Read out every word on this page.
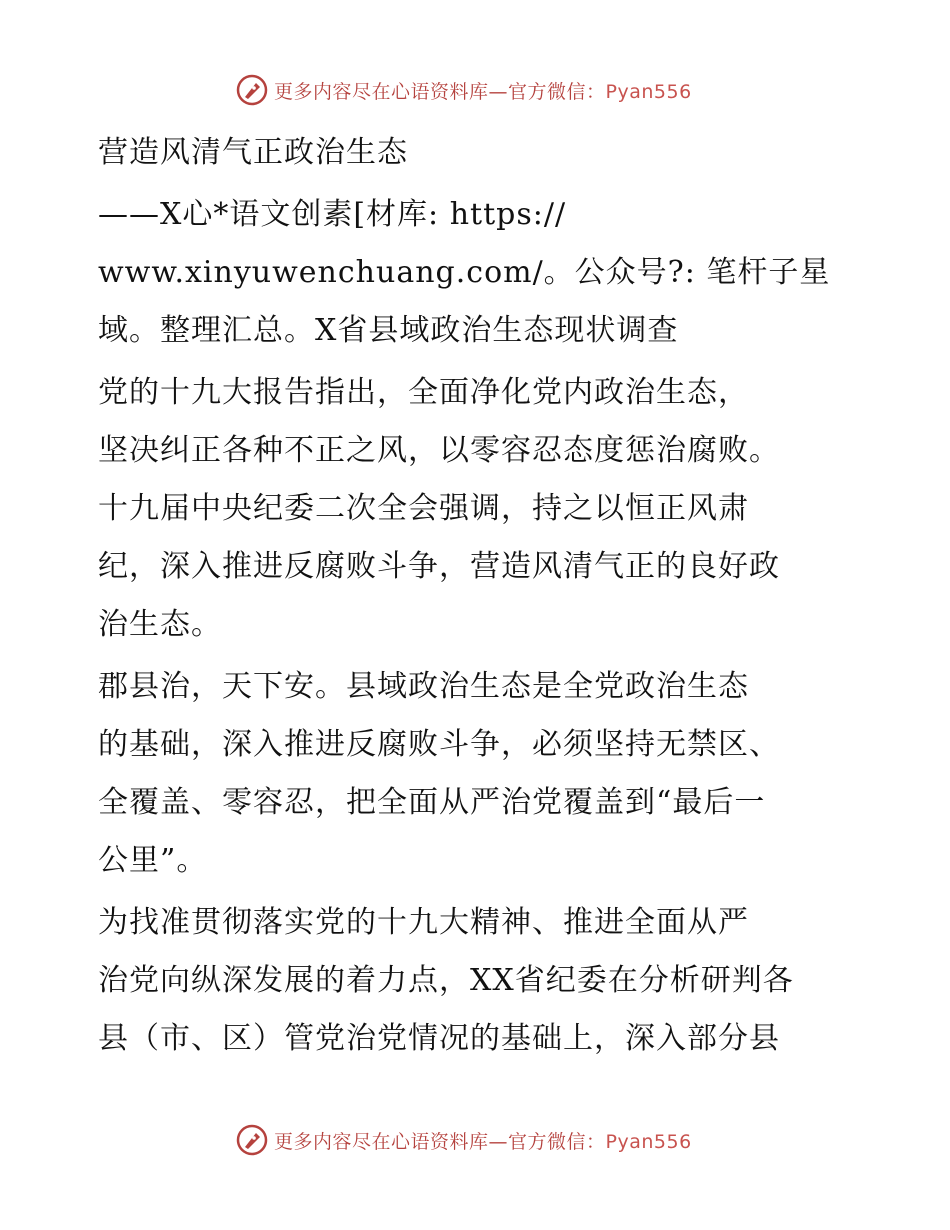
更多内容尽在心语资料库—官方微信：Pyan556
营造风清气正政治生态
——X心*语文创素[材库: https://
www.xinyuwenchuang.com/。公众号?: 笔杆子星
域。整理汇总。X省县域政治生态现状调查
党的十九大报告指出，全面净化党内政治生态，
坚决纠正各种不正之风，以零容忍态度惩治腐败。
十九届中央纪委二次全会强调，持之以恒正风肃
纪，深入推进反腐败斗争，营造风清气正的良好政
治生态。
郡县治，天下安。县域政治生态是全党政治生态
的基础，深入推进反腐败斗争，必须坚持无禁区、
全覆盖、零容忍，把全面从严治党覆盖到“最后一
公里”。
为找准贯彻落实党的十九大精神、推进全面从严
治党向纵深发展的着力点，XX省纪委在分析研判各
县（市、区）管党治党情况的基础上，深入部分县
更多内容尽在心语资料库—官方微信：Pyan556
